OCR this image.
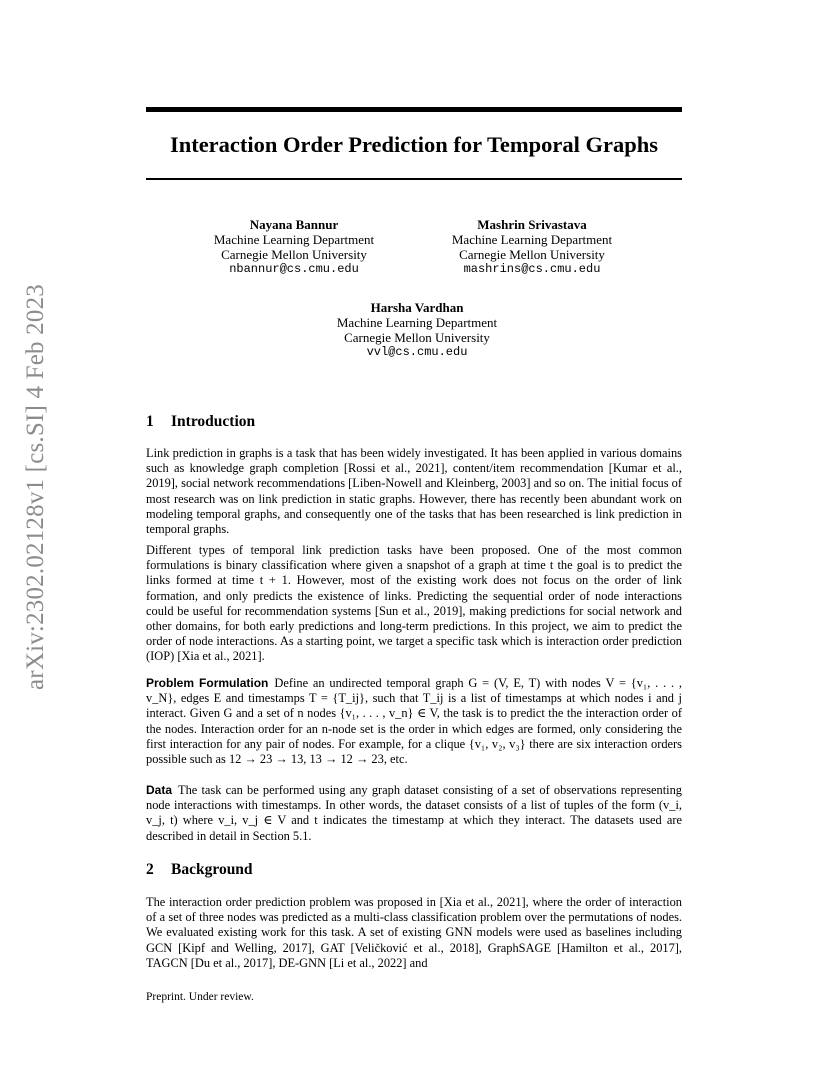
arXiv:2302.02128v1 [cs.SI] 4 Feb 2023
Interaction Order Prediction for Temporal Graphs
Nayana Bannur
Machine Learning Department
Carnegie Mellon University
nbannur@cs.cmu.edu
Mashrin Srivastava
Machine Learning Department
Carnegie Mellon University
mashrins@cs.cmu.edu
Harsha Vardhan
Machine Learning Department
Carnegie Mellon University
vvl@cs.cmu.edu
1 Introduction

Link prediction in graphs is a task that has been widely investigated. It has been applied in various domains such as knowledge graph completion [Rossi et al., 2021], content/item recommendation [Kumar et al., 2019], social network recommendations [Liben-Nowell and Kleinberg, 2003] and so on. The initial focus of most research was on link prediction in static graphs. However, there has recently been abundant work on modeling temporal graphs, and consequently one of the tasks that has been researched is link prediction in temporal graphs.

Different types of temporal link prediction tasks have been proposed. One of the most common formulations is binary classification where given a snapshot of a graph at time t the goal is to predict the links formed at time t + 1. However, most of the existing work does not focus on the order of link formation, and only predicts the existence of links. Predicting the sequential order of node interactions could be useful for recommendation systems [Sun et al., 2019], making predictions for social network and other domains, for both early predictions and long-term predictions. In this project, we aim to predict the order of node interactions. As a starting point, we target a specific task which is interaction order prediction (IOP) [Xia et al., 2021].

Problem Formulation Define an undirected temporal graph G = (V, E, T) with nodes V = {v₁, . . . , v_N}, edges E and timestamps T = {T_ij}, such that T_ij is a list of timestamps at which nodes i and j interact. Given G and a set of n nodes {v₁, . . . , v_n} ∈ V, the task is to predict the the interaction order of the nodes. Interaction order for an n-node set is the order in which edges are formed, only considering the first interaction for any pair of nodes. For example, for a clique {v₁, v₂, v₃} there are six interaction orders possible such as 12 → 23 → 13, 13 → 12 → 23, etc.

Data The task can be performed using any graph dataset consisting of a set of observations representing node interactions with timestamps. In other words, the dataset consists of a list of tuples of the form (v_i, v_j, t) where v_i, v_j ∈ V and t indicates the timestamp at which they interact. The datasets used are described in detail in Section 5.1.

2 Background

The interaction order prediction problem was proposed in [Xia et al., 2021], where the order of interaction of a set of three nodes was predicted as a multi-class classification problem over the permutations of nodes. We evaluated existing work for this task. A set of existing GNN models were used as baselines including GCN [Kipf and Welling, 2017], GAT [Veličković et al., 2018], GraphSAGE [Hamilton et al., 2017], TAGCN [Du et al., 2017], DE-GNN [Li et al., 2022] and

Preprint. Under review.
